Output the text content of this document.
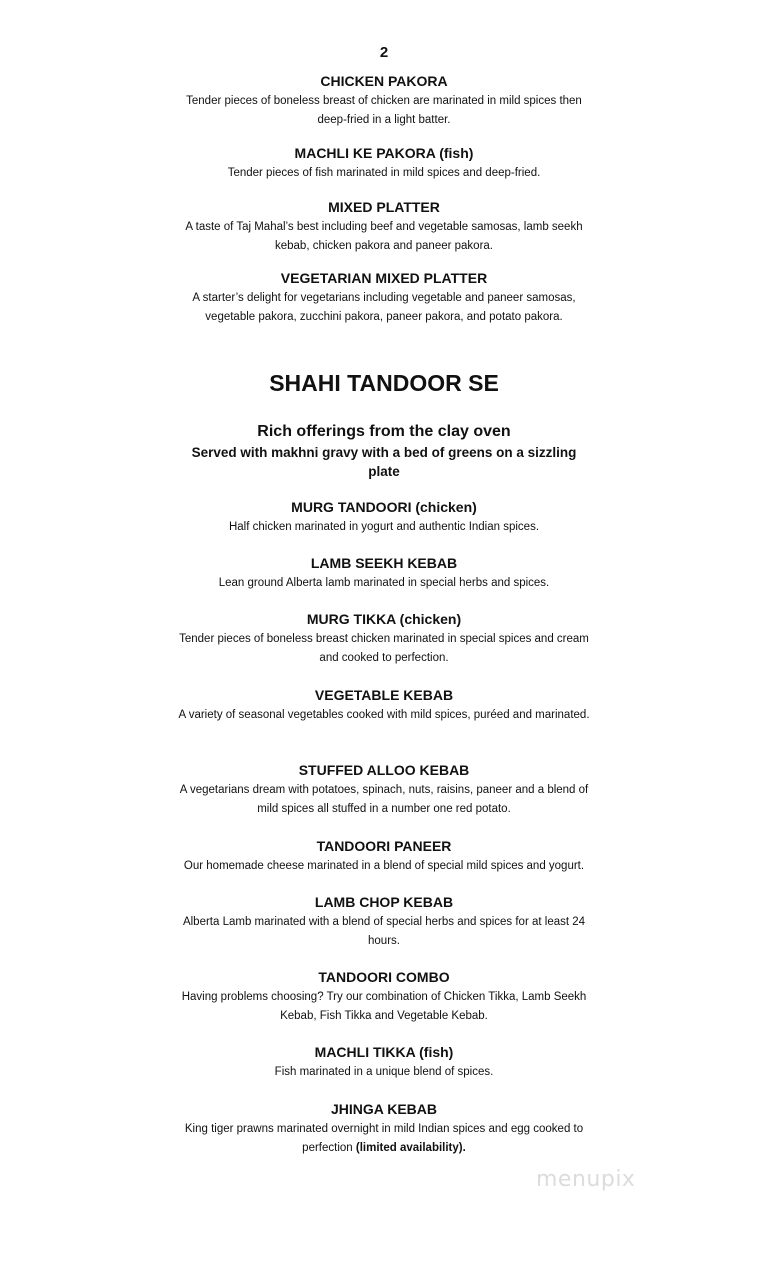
2
CHICKEN PAKORA
Tender pieces of boneless breast of chicken are marinated in mild spices then deep-fried in a light batter.
MACHLI KE PAKORA (fish)
Tender pieces of fish marinated in mild spices and deep-fried.
MIXED PLATTER
A taste of Taj Mahal’s best including beef and vegetable samosas, lamb seekh kebab, chicken pakora and paneer pakora.
VEGETARIAN MIXED PLATTER
A starter’s delight for vegetarians including vegetable and paneer samosas, vegetable pakora, zucchini pakora, paneer pakora, and potato pakora.
SHAHI TANDOOR SE
Rich offerings from the clay oven
Served with makhni gravy with a bed of greens on a sizzling plate
MURG TANDOORI (chicken)
Half chicken marinated in yogurt and authentic Indian spices.
LAMB SEEKH KEBAB
Lean ground Alberta lamb marinated in special herbs and spices.
MURG TIKKA (chicken)
Tender pieces of boneless breast chicken marinated in special spices and cream and cooked to perfection.
VEGETABLE KEBAB
A variety of seasonal vegetables cooked with mild spices, puréed and marinated.
STUFFED ALLOO KEBAB
A vegetarians dream with potatoes, spinach, nuts, raisins, paneer and a blend of mild spices all stuffed in a number one red potato.
TANDOORI PANEER
Our homemade cheese marinated in a blend of special mild spices and yogurt.
LAMB CHOP KEBAB
Alberta Lamb marinated with a blend of special herbs and spices for at least 24 hours.
TANDOORI COMBO
Having problems choosing? Try our combination of Chicken Tikka, Lamb Seekh Kebab, Fish Tikka and Vegetable Kebab.
MACHLI TIKKA (fish)
Fish marinated in a unique blend of spices.
JHINGA KEBAB
King tiger prawns marinated overnight in mild Indian spices and egg cooked to perfection (limited availability).
menupix
